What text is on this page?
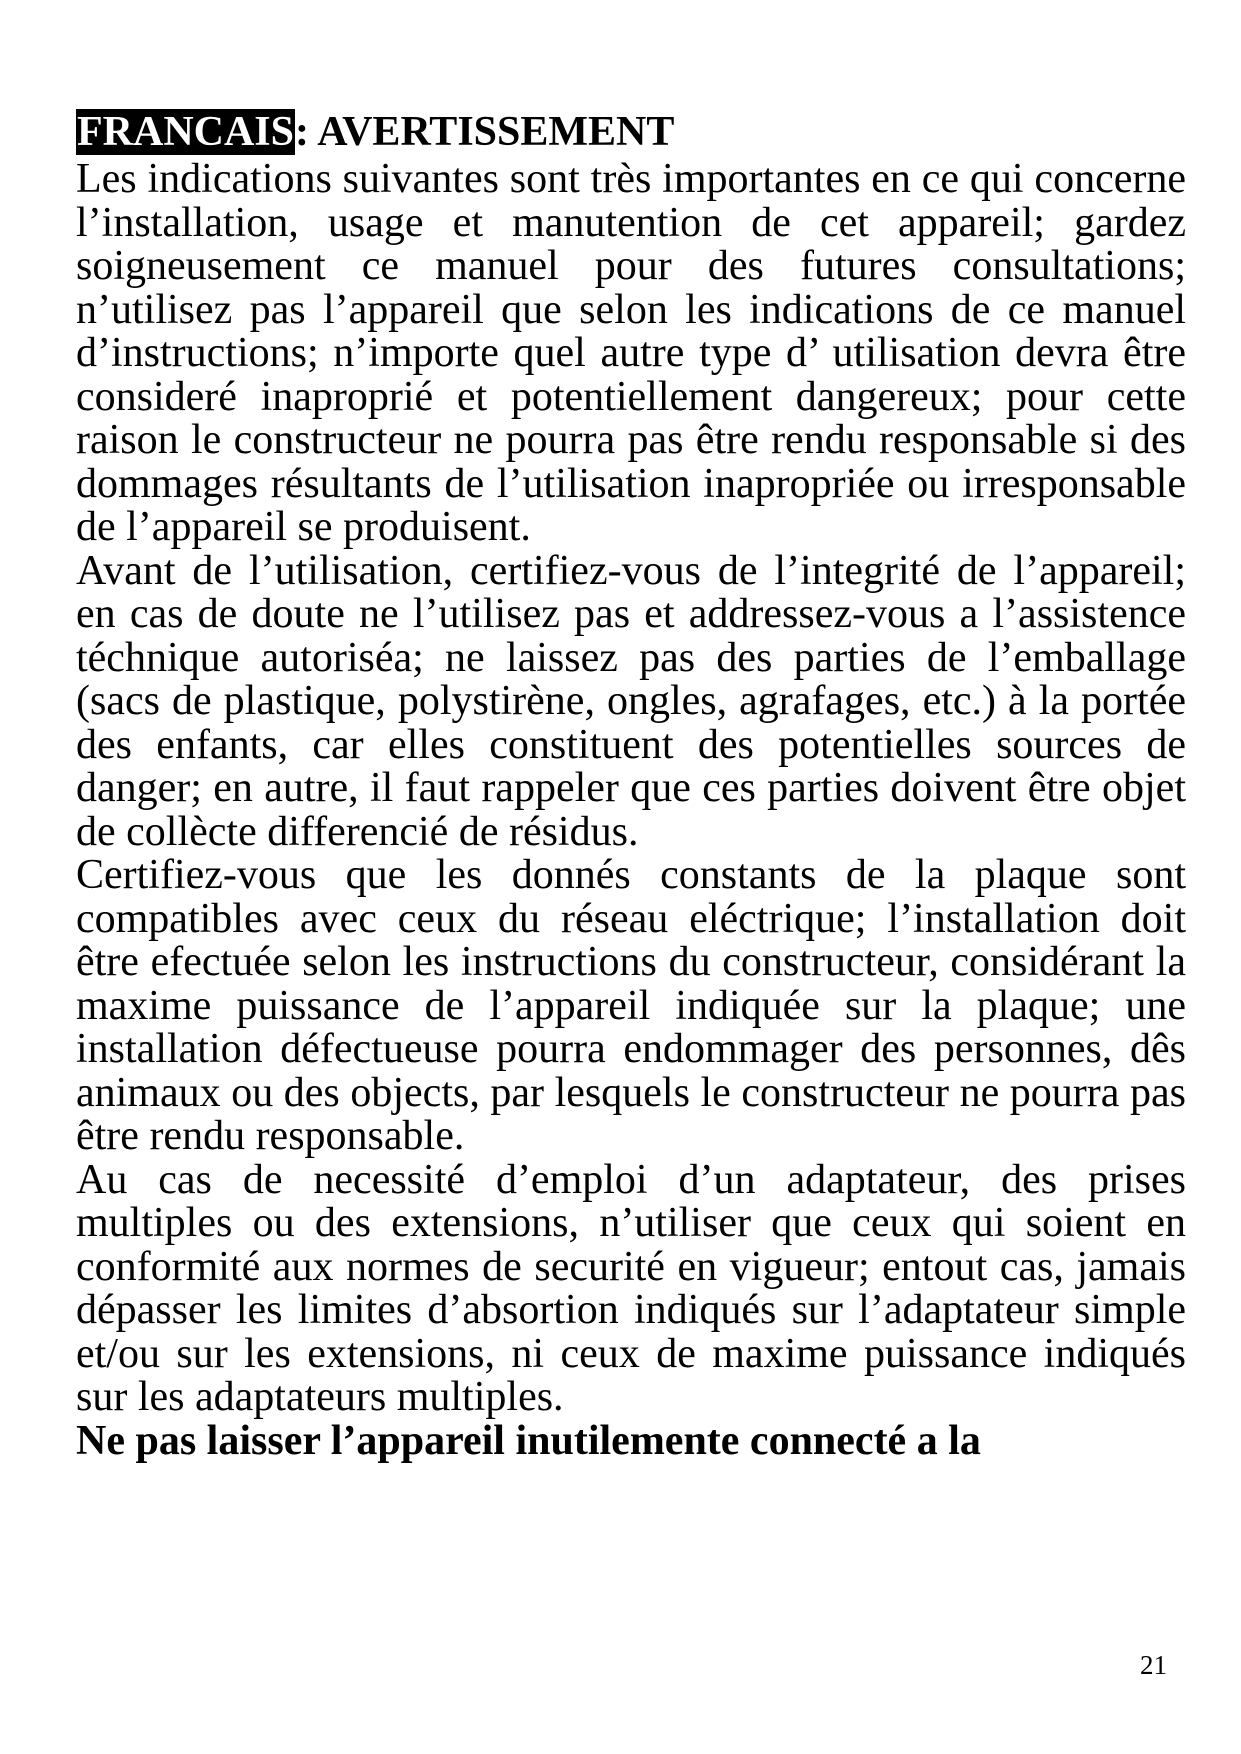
FRANCAIS: AVERTISSEMENT

Les indications suivantes sont très importantes en ce qui concerne l’installation, usage et manutention de cet appareil; gardez soigneusement ce manuel pour des futures consultations; n’utilisez pas l’appareil que selon les indications de ce manuel d’instructions; n’importe quel autre type d’ utilisation devra être consideré inaproprié et potentiellement dangereux; pour cette raison le constructeur ne pourra pas être rendu responsable si des dommages résultants de l’utilisation inapropriée ou irresponsable de l’appareil se produisent.

Avant de l’utilisation, certifiez-vous de l’integrité de l’appareil; en cas de doute ne l’utilisez pas et addressez-vous a l’assistence téchnique autoriséa; ne laissez pas des parties de l’emballage (sacs de plastique, polystirène, ongles, agrafages, etc.) à la portée des enfants, car elles constituent des potentielles sources de danger; en autre, il faut rappeler que ces parties doivent être objet de collècte differencié de résidus.

Certifiez-vous que les donnés constants de la plaque sont compatibles avec ceux du réseau eléctrique; l’installation doit être efectuée selon les instructions du constructeur, considérant la maxime puissance de l’appareil indiquée sur la plaque; une installation défectueuse pourra endommager des personnes, dês animaux ou des objects, par lesquels le constructeur ne pourra pas être rendu responsable.

Au cas de necessité d’emploi d’un adaptateur, des prises multiples ou des extensions, n’utiliser que ceux qui soient en conformité aux normes de securité en vigueur; entout cas, jamais dépasser les limites d’absortion indiqués sur l’adaptateur simple et/ou sur les extensions, ni ceux de maxime puissance indiqués sur les adaptateurs multiples.

Ne pas laisser l’appareil inutilemente connecté a la

21
